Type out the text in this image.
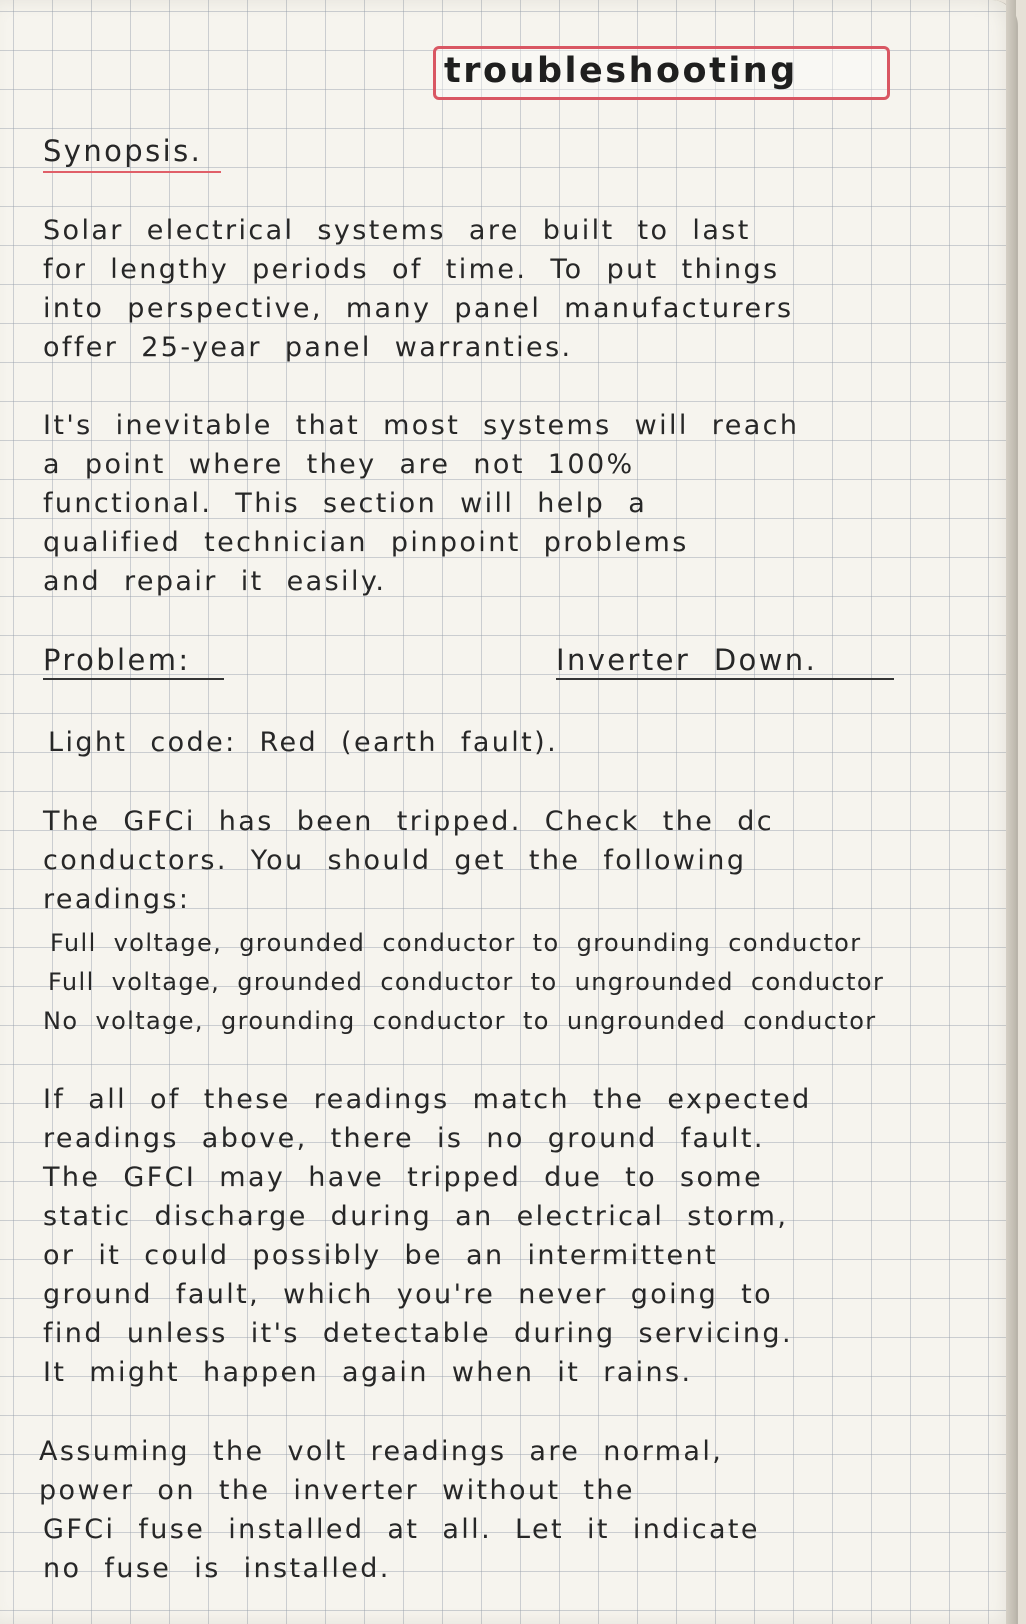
troubleshooting
Synopsis.
Solar electrical systems are built to last
for lengthy periods of time. To put things
into perspective, many panel manufacturers
offer 25-year panel warranties.
It's inevitable that most systems will reach
a point where they are not 100%
functional. This section will help a
qualified technician pinpoint problems
and repair it easily.
Problem:	Inverter Down.
Light code: Red (earth fault).
The GFCi has been tripped. Check the dc
conductors. You should get the following
readings:
Full voltage, grounded conductor to grounding conductor
Full voltage, grounded conductor to ungrounded conductor
No voltage, grounding conductor to ungrounded conductor
If all of these readings match the expected
readings above, there is no ground fault.
The GFCI may have tripped due to some
static discharge during an electrical storm,
or it could possibly be an intermittent
ground fault, which you're never going to
find unless it's detectable during servicing.
It might happen again when it rains.
Assuming the volt readings are normal,
power on the inverter without the
GFCi fuse installed at all. Let it indicate
no fuse is installed.
